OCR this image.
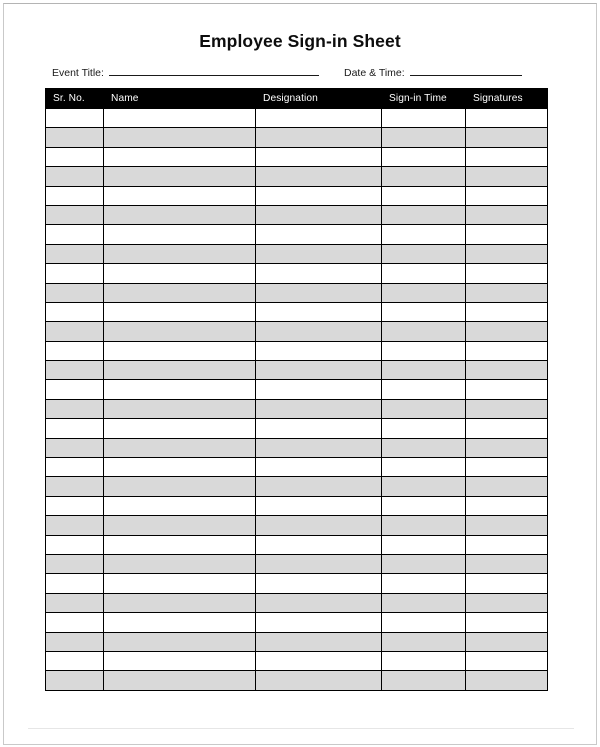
Employee Sign-in Sheet
Event Title:	Date & Time:
Sr. No.	Name	Designation	Sign-in Time	Signatures
